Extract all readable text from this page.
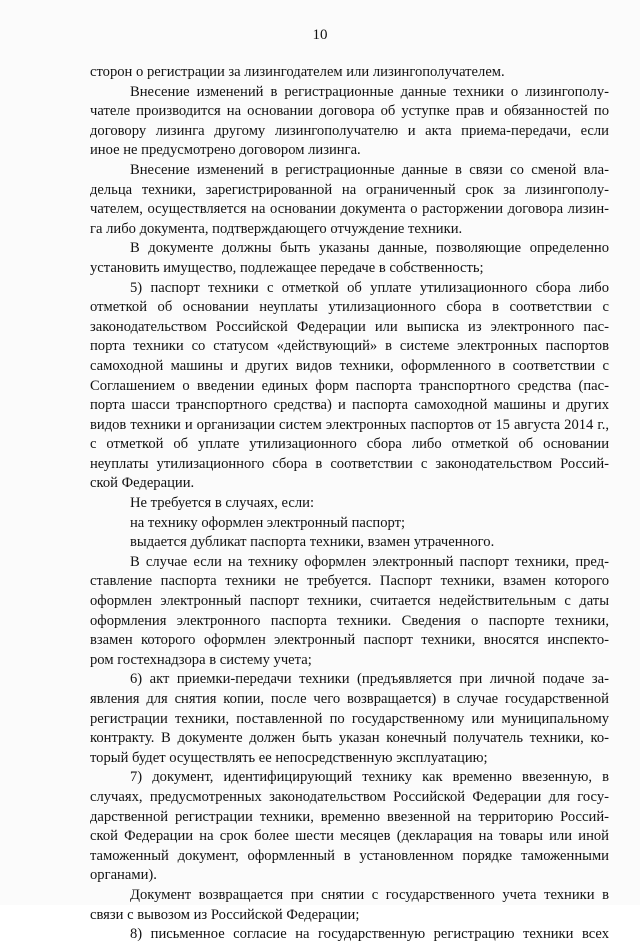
10
сторон о регистрации за лизингодателем или лизингополучателем.
Внесение изменений в регистрационные данные техники о лизингополу-
чателе производится на основании договора об уступке прав и обязанностей по
договору лизинга другому лизингополучателю и акта приема-передачи, если
иное не предусмотрено договором лизинга.
Внесение изменений в регистрационные данные в связи со сменой вла-
дельца техники, зарегистрированной на ограниченный срок за лизингополу-
чателем, осуществляется на основании документа о расторжении договора лизин-
га либо документа, подтверждающего отчуждение техники.
В документе должны быть указаны данные, позволяющие определенно
установить имущество, подлежащее передаче в собственность;
5) паспорт техники с отметкой об уплате утилизационного сбора либо
отметкой об основании неуплаты утилизационного сбора в соответствии с
законодательством Российской Федерации или выписка из электронного пас-
порта техники со статусом «действующий» в системе электронных паспортов
самоходной машины и других видов техники, оформленного в соответствии с
Соглашением о введении единых форм паспорта транспортного средства (пас-
порта шасси транспортного средства) и паспорта самоходной машины и других
видов техники и организации систем электронных паспортов от 15 августа 2014 г.,
с отметкой об уплате утилизационного сбора либо отметкой об основании
неуплаты утилизационного сбора в соответствии с законодательством Россий-
ской Федерации.
Не требуется в случаях, если:
на технику оформлен электронный паспорт;
выдается дубликат паспорта техники, взамен утраченного.
В случае если на технику оформлен электронный паспорт техники, пред-
ставление паспорта техники не требуется. Паспорт техники, взамен которого
оформлен электронный паспорт техники, считается недействительным с даты
оформления электронного паспорта техники. Сведения о паспорте техники,
взамен которого оформлен электронный паспорт техники, вносятся инспекто-
ром гостехнадзора в систему учета;
6) акт приемки-передачи техники (предъявляется при личной подаче за-
явления для снятия копии, после чего возвращается) в случае государственной
регистрации техники, поставленной по государственному или муниципальному
контракту. В документе должен быть указан конечный получатель техники, ко-
торый будет осуществлять ее непосредственную эксплуатацию;
7) документ, идентифицирующий технику как временно ввезенную, в
случаях, предусмотренных законодательством Российской Федерации для госу-
дарственной регистрации техники, временно ввезенной на территорию Россий-
ской Федерации на срок более шести месяцев (декларация на товары или иной
таможенный документ, оформленный в установленном порядке таможенными
органами).
Документ возвращается при снятии с государственного учета техники в
связи с вывозом из Российской Федерации;
8) письменное согласие на государственную регистрацию техники всех
